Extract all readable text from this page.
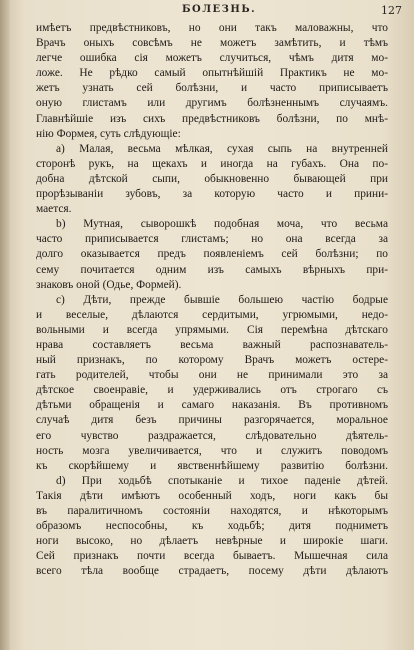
БОЛЕЗНЬ.	127
имѣетъ предвѣстниковъ, но они такъ маловажны, что
Врачъ оныхъ совсѣмъ не можетъ замѣтить, и тѣмъ
легче ошибка сія можетъ случиться, чѣмъ дитя мо-
ложе. Не рѣдко самый опытнѣйшій Практикъ не мо-
жетъ узнать сей болѣзни, и часто приписываетъ
оную глистамъ или другимъ болѣзненнымъ случаямъ.
Главнѣйшіе изъ сихъ предвѣстниковъ болѣзни, по мнѣ-
нію Формея, суть слѣдующіе:
а) Малая, весьма мѣлкая, сухая сыпь на внутренней
сторонѣ рукъ, на щекахъ и иногда на губахъ. Она по-
добна дѣтской сыпи, обыкновенно бывающей при
прорѣзываніи зубовъ, за которую часто и прини-
мается.
b) Мутная, сыворошкѣ подобная моча, что весьма
часто приписывается глистамъ; но она всегда за
долго оказывается предъ появленіемъ сей болѣзни; по
сему почитается одним изъ самыхъ вѣрныхъ при-
знаковъ оной (Одье, Формей).
c) Дѣти, прежде бывшіе большею частію бодрые
и веселые, дѣлаются сердитыми, угрюмыми, недо-
вольными и всегда упрямыми. Сія перемѣна дѣтскаго
нрава составляетъ весьма важный распознаватель-
ный признакъ, по которому Врачъ можетъ остерe-
гать родителей, чтобы они не принимали это за
дѣтское своенравіе, и удерживались отъ строгаго съ
дѣтьми обращенія и самаго наказанія. Въ противномъ
случаѣ дитя безъ причины разгорячается, моральное
его чувство раздражается, слѣдовательно дѣятель-
ность мозга увеличивается, что и служитъ поводомъ
къ скорѣйшему и явственнѣйшему развитію болѣзни.
d) При ходьбѣ спотыканіе и тихое паденіе дѣтей.
Такія дѣти имѣютъ особенный ходъ, ноги какъ бы
въ паралитичномъ состояніи находятся, и нѣкоторымъ
образомъ неспособны, къ ходьбѣ; дитя подниметъ
ноги высоко, но дѣлаетъ невѣрные и широкіе шаги.
Сей признакъ почти всегда бываетъ. Мышечная сила
всего тѣла вообще страдаетъ, посему дѣти дѣлаютъ
